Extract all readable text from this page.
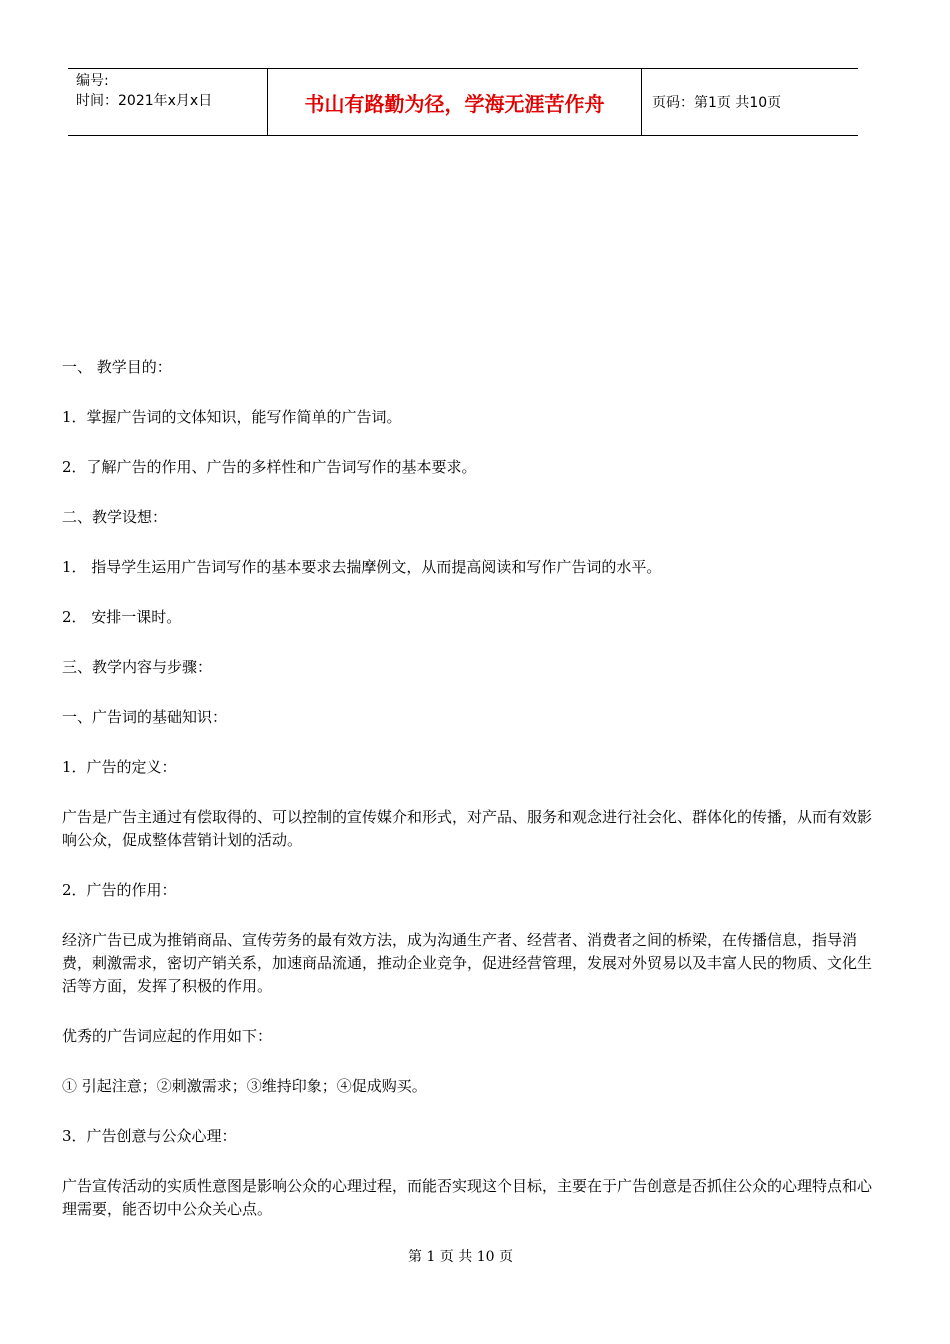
编号:
时间：2021年x月x日	书山有路勤为径，学海无涯苦作舟	页码：第1页 共10页

一、 教学目的：

1．掌握广告词的文体知识，能写作简单的广告词。

2．了解广告的作用、广告的多样性和广告词写作的基本要求。

二、教学设想：

1． 指导学生运用广告词写作的基本要求去揣摩例文，从而提高阅读和写作广告词的水平。

2． 安排一课时。

三、教学内容与步骤：

一、广告词的基础知识：

1．广告的定义：

广告是广告主通过有偿取得的、可以控制的宣传媒介和形式，对产品、服务和观念进行社会化、群体化的传播，从而有效影响公众，促成整体营销计划的活动。

2．广告的作用：

经济广告已成为推销商品、宣传劳务的最有效方法，成为沟通生产者、经营者、消费者之间的桥梁，在传播信息，指导消费，刺激需求，密切产销关系，加速商品流通，推动企业竞争，促进经营管理，发展对外贸易以及丰富人民的物质、文化生活等方面，发挥了积极的作用。

优秀的广告词应起的作用如下：

① 引起注意；②刺激需求；③维持印象；④促成购买。

3．广告创意与公众心理：

广告宣传活动的实质性意图是影响公众的心理过程，而能否实现这个目标，主要在于广告创意是否抓住公众的心理特点和心理需要，能否切中公众关心点。

第 1 页 共 10 页
